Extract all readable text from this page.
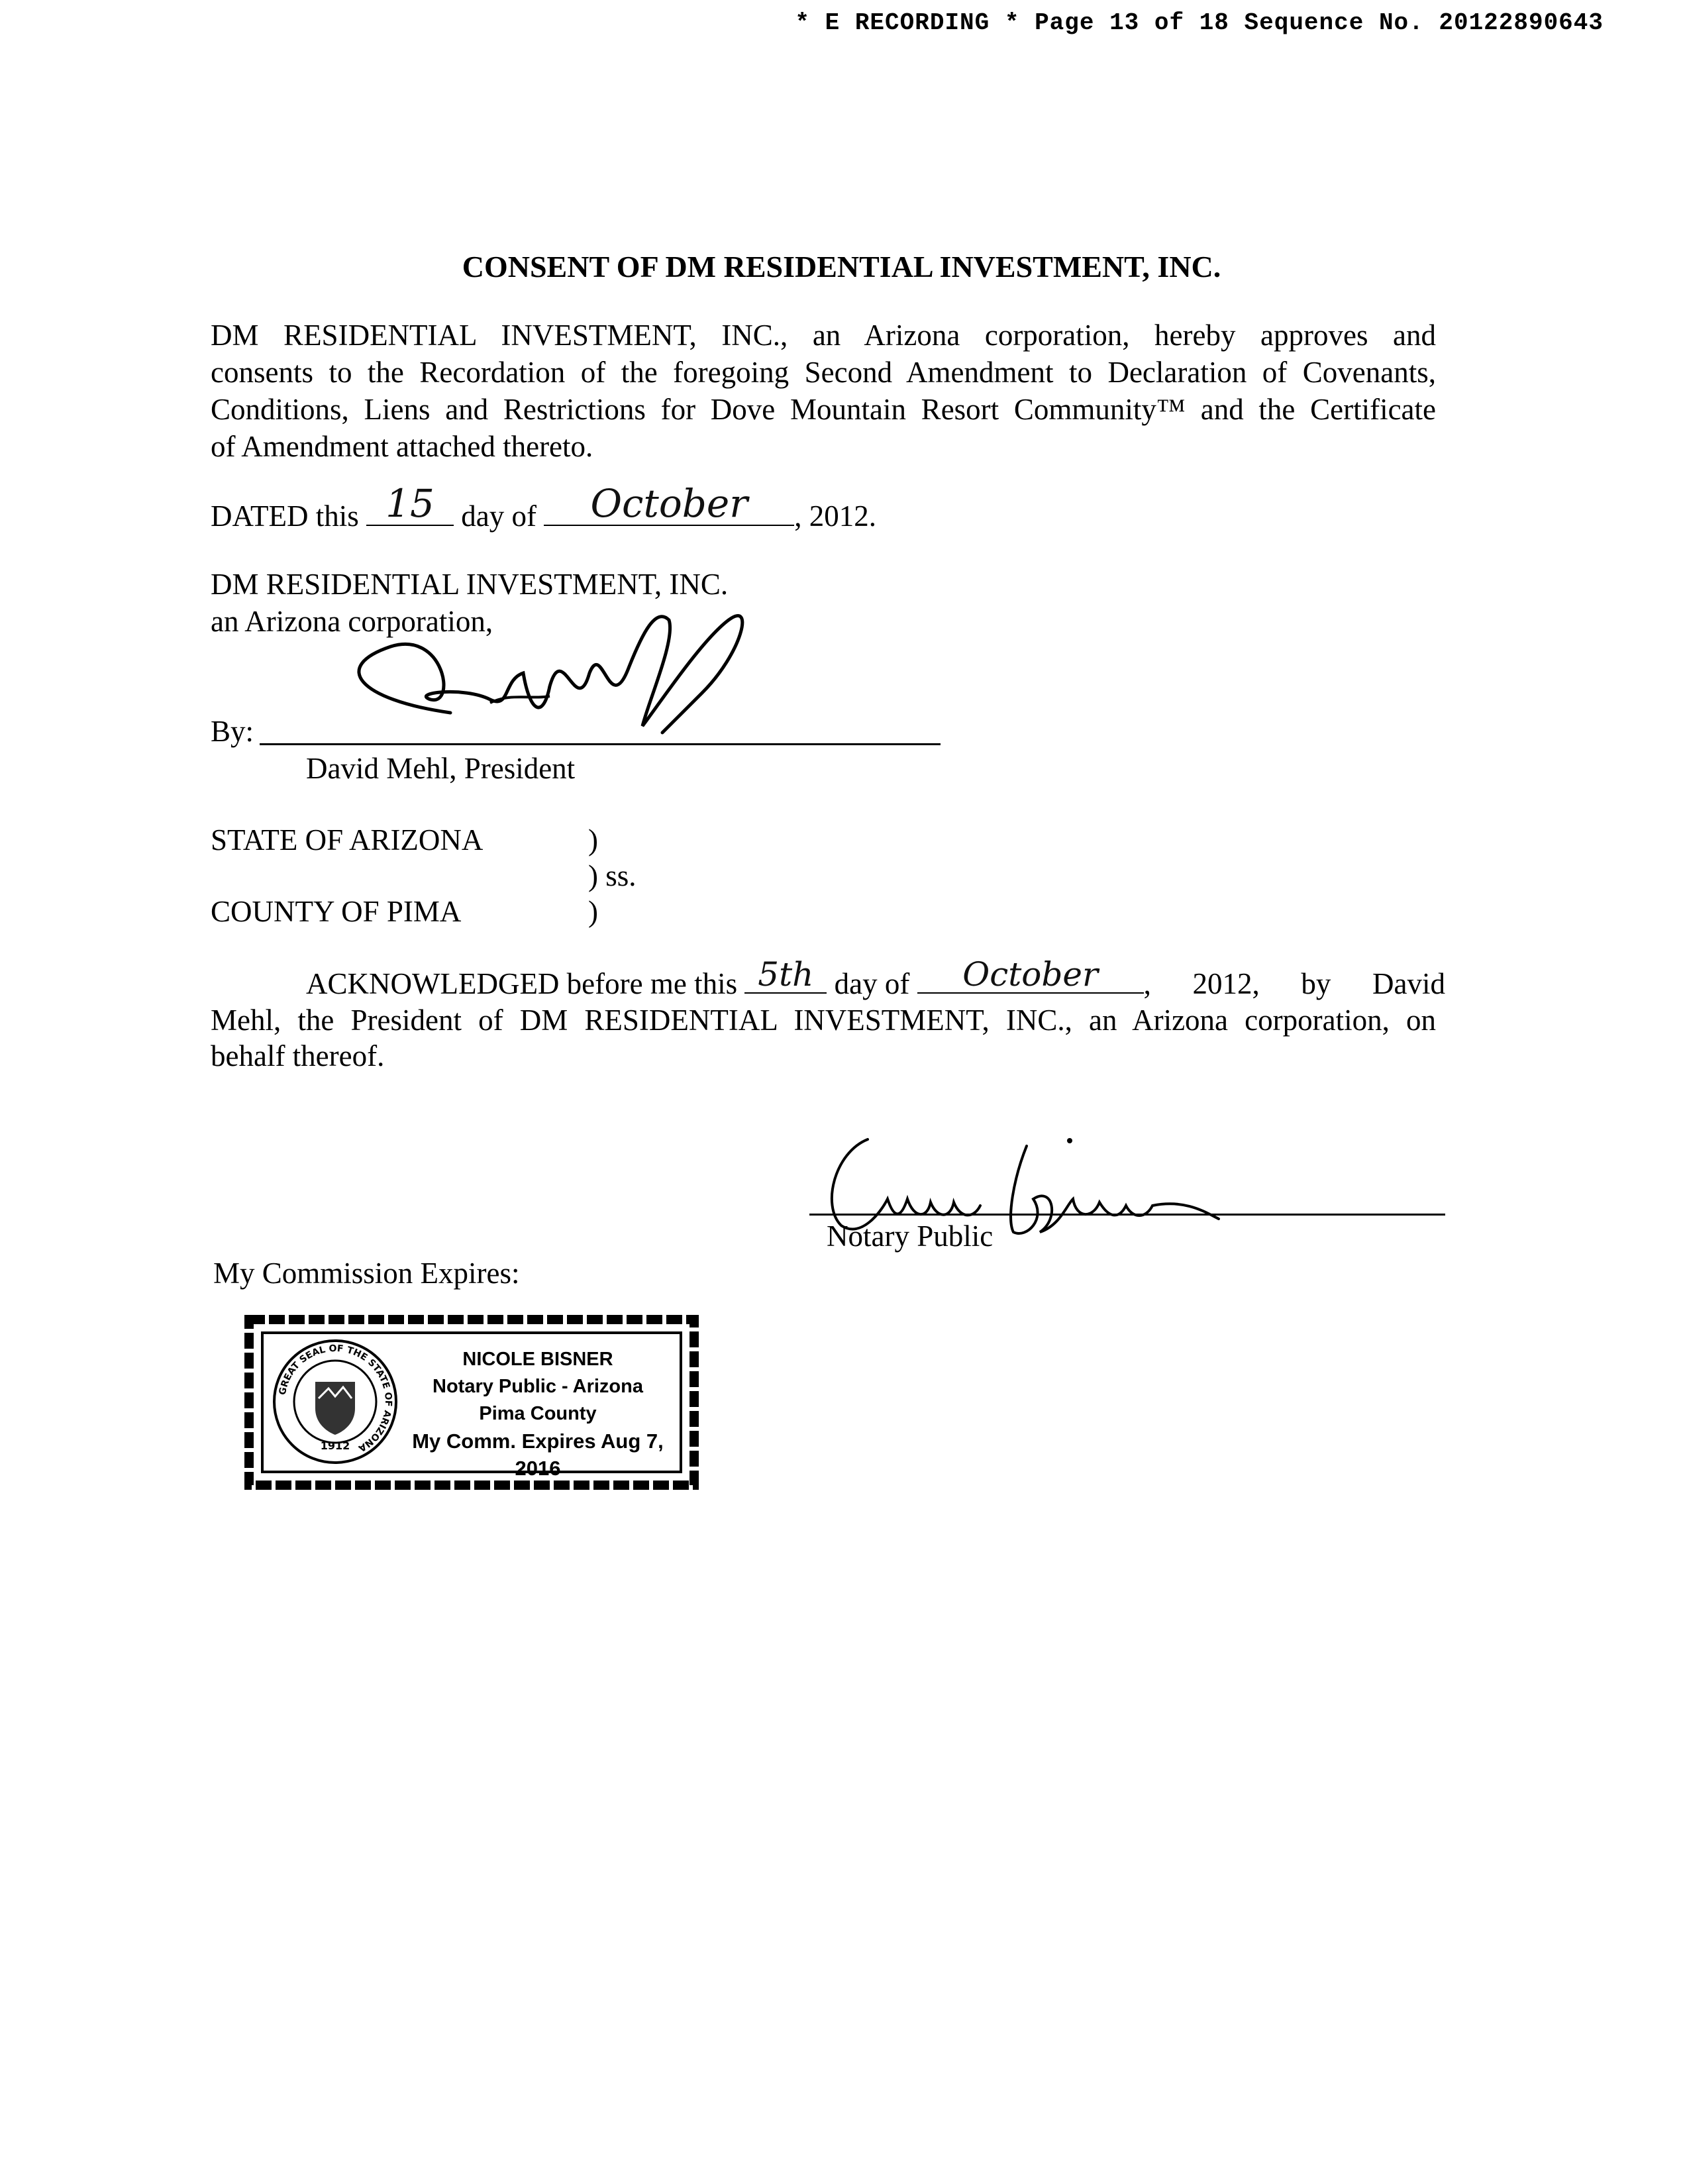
* E RECORDING * Page 13 of 18 Sequence No. 20122890643
CONSENT OF DM RESIDENTIAL INVESTMENT, INC.
DM RESIDENTIAL INVESTMENT, INC., an Arizona corporation, hereby approves and
consents to the Recordation of the foregoing Second Amendment to Declaration of Covenants,
Conditions, Liens and Restrictions for Dove Mountain Resort Community™ and the Certificate
of Amendment attached thereto.
DATED this 15 day of	October	, 2012.
DM RESIDENTIAL INVESTMENT, INC.
an Arizona corporation,
By:
David Mehl, President
STATE OF ARIZONA	)
) ss.
COUNTY OF PIMA	)
ACKNOWLEDGED before me this
5th
day of
	October	, 2012, by David
Mehl, the President of DM RESIDENTIAL INVESTMENT, INC., an Arizona corporation, on
behalf thereof.
Notary Public
My Commission Expires:
GREAT SEAL OF THE STATE OF ARIZONA
1912
NICOLE BISNER
Notary Public - Arizona
Pima County
My Comm. Expires Aug 7, 2016
